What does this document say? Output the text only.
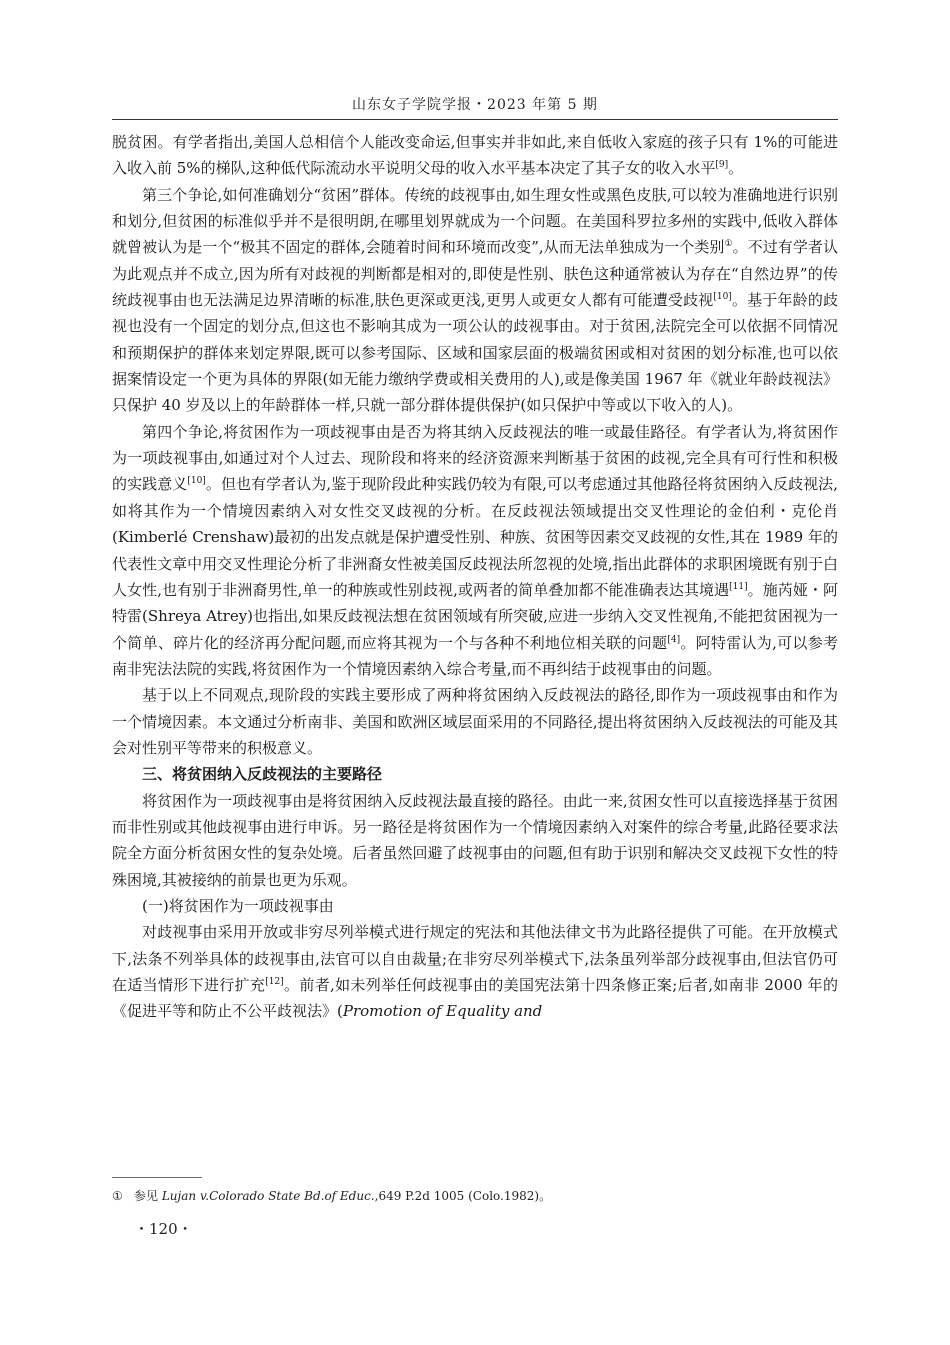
山东女子学院学报・2023 年第 5 期

脱贫困。有学者指出,美国人总相信个人能改变命运,但事实并非如此,来自低收入家庭的孩子只有 1%的可能进入收入前 5%的梯队,这种低代际流动水平说明父母的收入水平基本决定了其子女的收入水平[9]。

第三个争论,如何准确划分“贫困”群体。传统的歧视事由,如生理女性或黑色皮肤,可以较为准确地进行识别和划分,但贫困的标准似乎并不是很明朗,在哪里划界就成为一个问题。在美国科罗拉多州的实践中,低收入群体就曾被认为是一个“极其不固定的群体,会随着时间和环境而改变”,从而无法单独成为一个类别①。不过有学者认为此观点并不成立,因为所有对歧视的判断都是相对的,即使是性别、肤色这种通常被认为存在“自然边界”的传统歧视事由也无法满足边界清晰的标准,肤色更深或更浅,更男人或更女人都有可能遭受歧视[10]。基于年龄的歧视也没有一个固定的划分点,但这也不影响其成为一项公认的歧视事由。对于贫困,法院完全可以依据不同情况和预期保护的群体来划定界限,既可以参考国际、区域和国家层面的极端贫困或相对贫困的划分标准,也可以依据案情设定一个更为具体的界限(如无能力缴纳学费或相关费用的人),或是像美国 1967 年《就业年龄歧视法》只保护 40 岁及以上的年龄群体一样,只就一部分群体提供保护(如只保护中等或以下收入的人)。

第四个争论,将贫困作为一项歧视事由是否为将其纳入反歧视法的唯一或最佳路径。有学者认为,将贫困作为一项歧视事由,如通过对个人过去、现阶段和将来的经济资源来判断基于贫困的歧视,完全具有可行性和积极的实践意义[10]。但也有学者认为,鉴于现阶段此种实践仍较为有限,可以考虑通过其他路径将贫困纳入反歧视法,如将其作为一个情境因素纳入对女性交叉歧视的分析。在反歧视法领域提出交叉性理论的金伯利・克伦肖(Kimberlé Crenshaw)最初的出发点就是保护遭受性别、种族、贫困等因素交叉歧视的女性,其在 1989 年的代表性文章中用交叉性理论分析了非洲裔女性被美国反歧视法所忽视的处境,指出此群体的求职困境既有别于白人女性,也有别于非洲裔男性,单一的种族或性别歧视,或两者的简单叠加都不能准确表达其境遇[11]。施芮娅・阿特雷(Shreya Atrey)也指出,如果反歧视法想在贫困领域有所突破,应进一步纳入交叉性视角,不能把贫困视为一个简单、碎片化的经济再分配问题,而应将其视为一个与各种不利地位相关联的问题[4]。阿特雷认为,可以参考南非宪法法院的实践,将贫困作为一个情境因素纳入综合考量,而不再纠结于歧视事由的问题。

基于以上不同观点,现阶段的实践主要形成了两种将贫困纳入反歧视法的路径,即作为一项歧视事由和作为一个情境因素。本文通过分析南非、美国和欧洲区域层面采用的不同路径,提出将贫困纳入反歧视法的可能及其会对性别平等带来的积极意义。

三、将贫困纳入反歧视法的主要路径

将贫困作为一项歧视事由是将贫困纳入反歧视法最直接的路径。由此一来,贫困女性可以直接选择基于贫困而非性别或其他歧视事由进行申诉。另一路径是将贫困作为一个情境因素纳入对案件的综合考量,此路径要求法院全方面分析贫困女性的复杂处境。后者虽然回避了歧视事由的问题,但有助于识别和解决交叉歧视下女性的特殊困境,其被接纳的前景也更为乐观。

(一)将贫困作为一项歧视事由

对歧视事由采用开放或非穷尽列举模式进行规定的宪法和其他法律文书为此路径提供了可能。在开放模式下,法条不列举具体的歧视事由,法官可以自由裁量;在非穷尽列举模式下,法条虽列举部分歧视事由,但法官仍可在适当情形下进行扩充[12]。前者,如未列举任何歧视事由的美国宪法第十四条修正案;后者,如南非 2000 年的《促进平等和防止不公平歧视法》(Promotion of Equality and

① 参见 Lujan v.Colorado State Bd.of Educ.,649 P.2d 1005 (Colo.1982)。
・120・
